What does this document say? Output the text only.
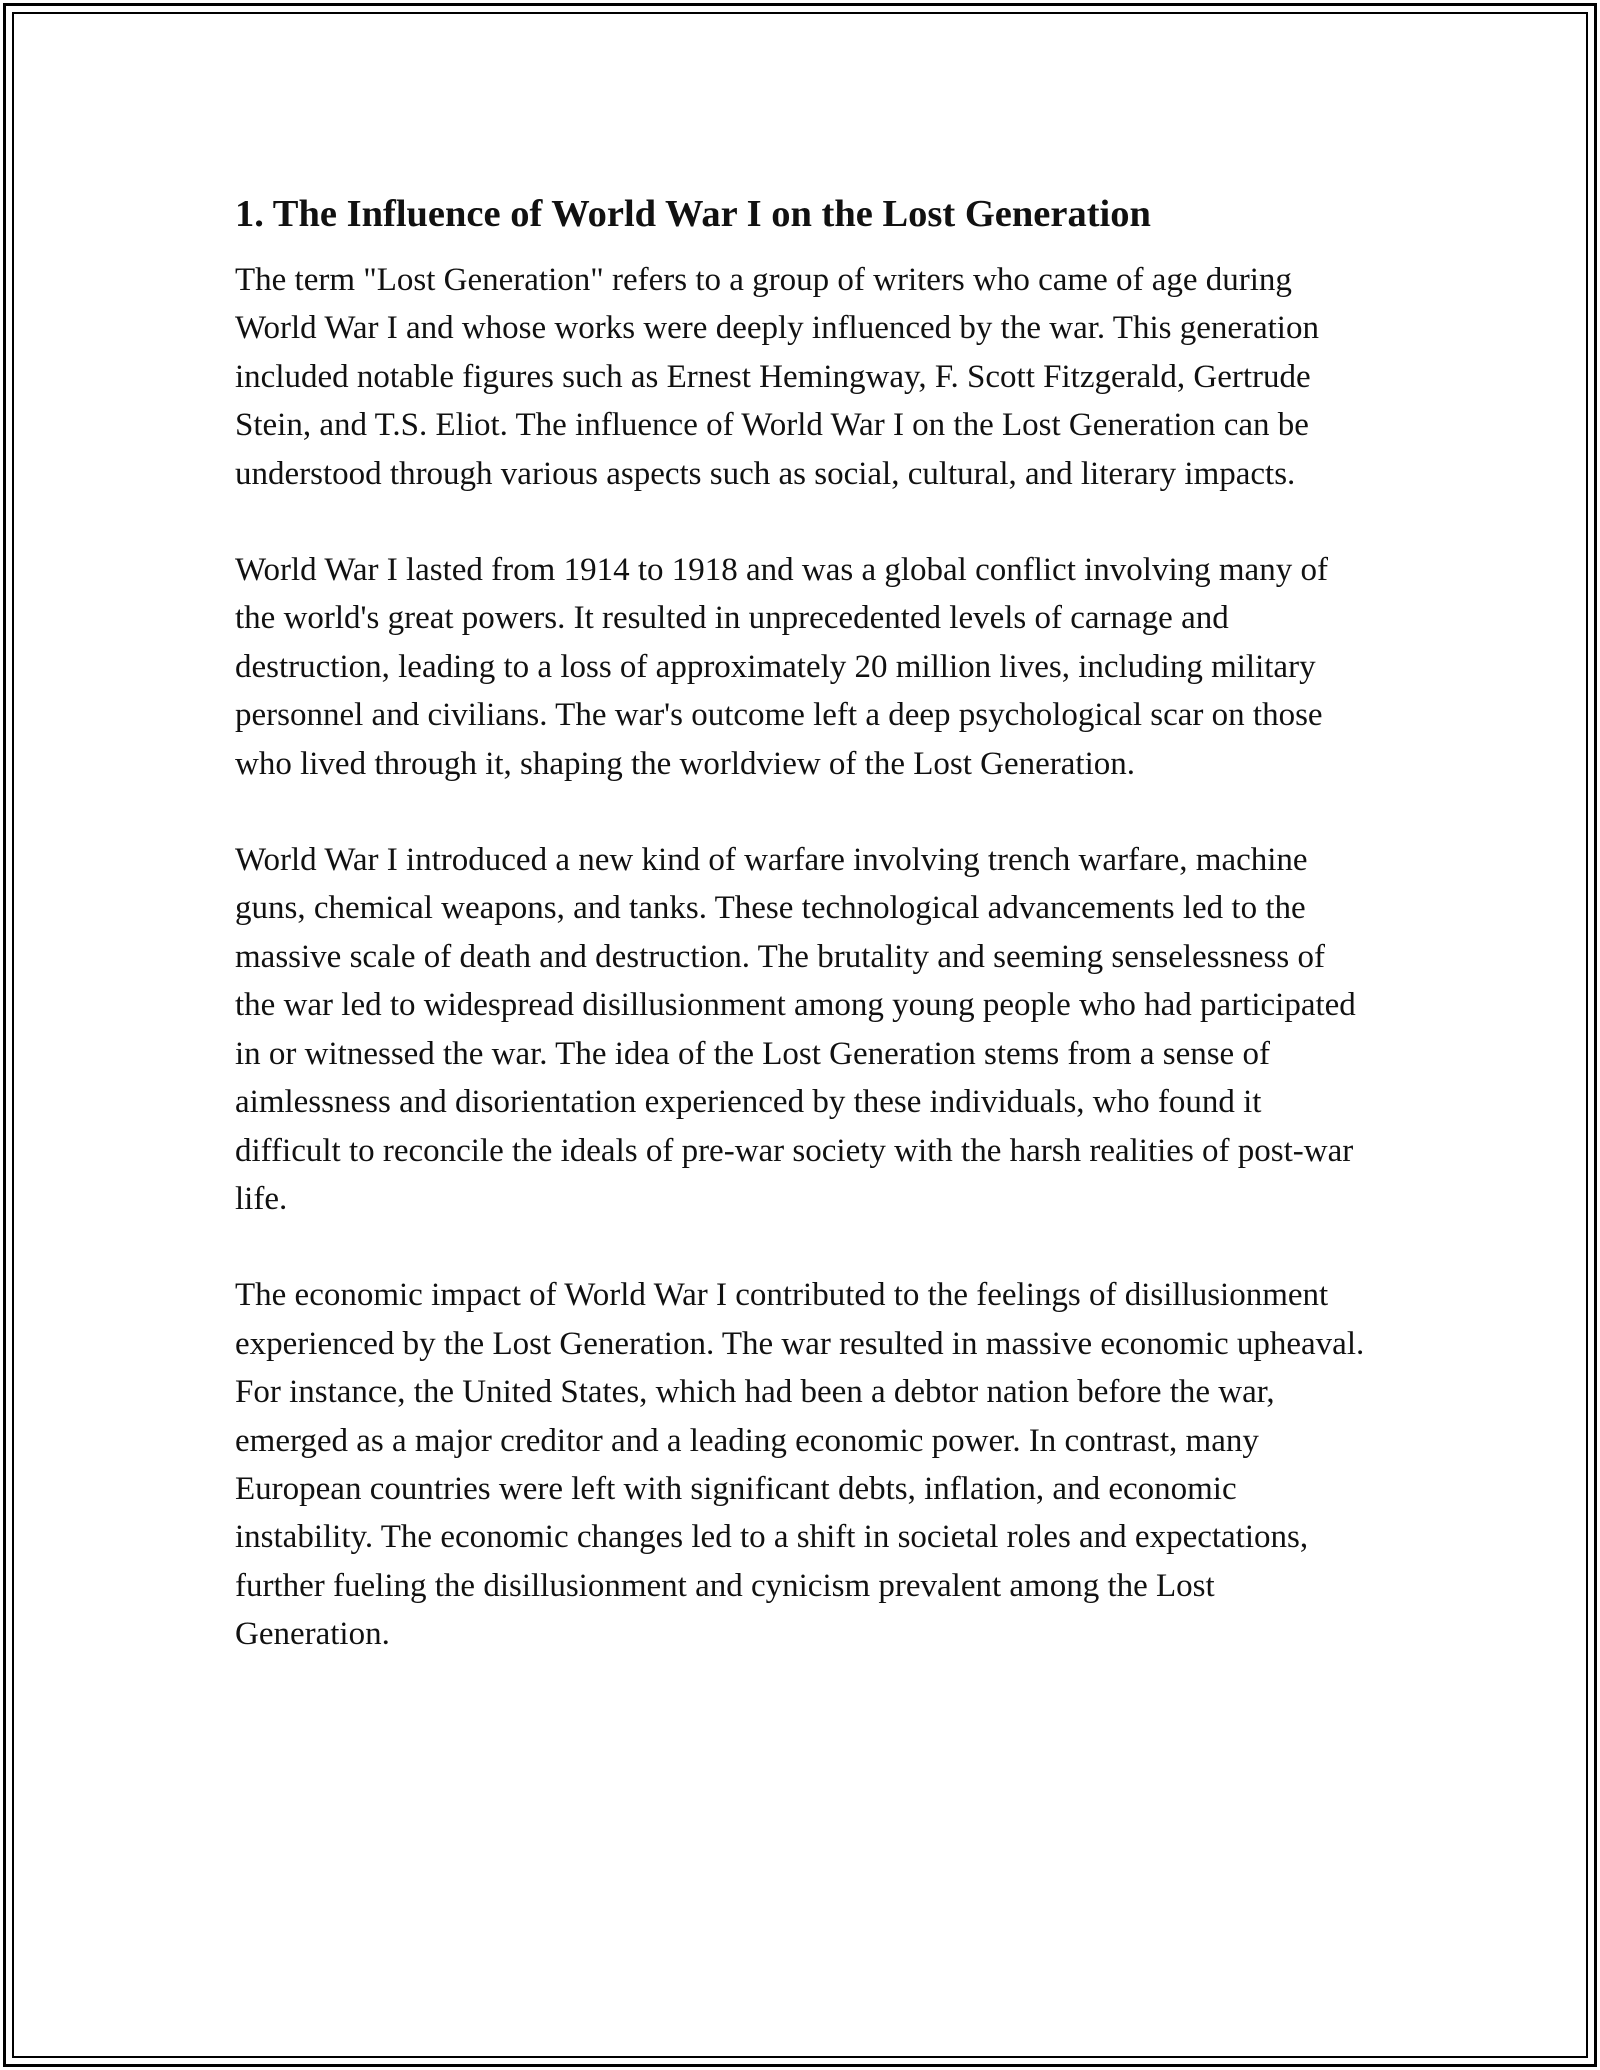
1. The Influence of World War I on the Lost Generation

The term "Lost Generation" refers to a group of writers who came of age during World War I and whose works were deeply influenced by the war. This generation included notable figures such as Ernest Hemingway, F. Scott Fitzgerald, Gertrude Stein, and T.S. Eliot. The influence of World War I on the Lost Generation can be understood through various aspects such as social, cultural, and literary impacts.

World War I lasted from 1914 to 1918 and was a global conflict involving many of the world's great powers. It resulted in unprecedented levels of carnage and destruction, leading to a loss of approximately 20 million lives, including military personnel and civilians. The war's outcome left a deep psychological scar on those who lived through it, shaping the worldview of the Lost Generation.

World War I introduced a new kind of warfare involving trench warfare, machine guns, chemical weapons, and tanks. These technological advancements led to the massive scale of death and destruction. The brutality and seeming senselessness of the war led to widespread disillusionment among young people who had participated in or witnessed the war. The idea of the Lost Generation stems from a sense of aimlessness and disorientation experienced by these individuals, who found it difficult to reconcile the ideals of pre-war society with the harsh realities of post-war life.

The economic impact of World War I contributed to the feelings of disillusionment experienced by the Lost Generation. The war resulted in massive economic upheaval. For instance, the United States, which had been a debtor nation before the war, emerged as a major creditor and a leading economic power. In contrast, many European countries were left with significant debts, inflation, and economic instability. The economic changes led to a shift in societal roles and expectations, further fueling the disillusionment and cynicism prevalent among the Lost Generation.
